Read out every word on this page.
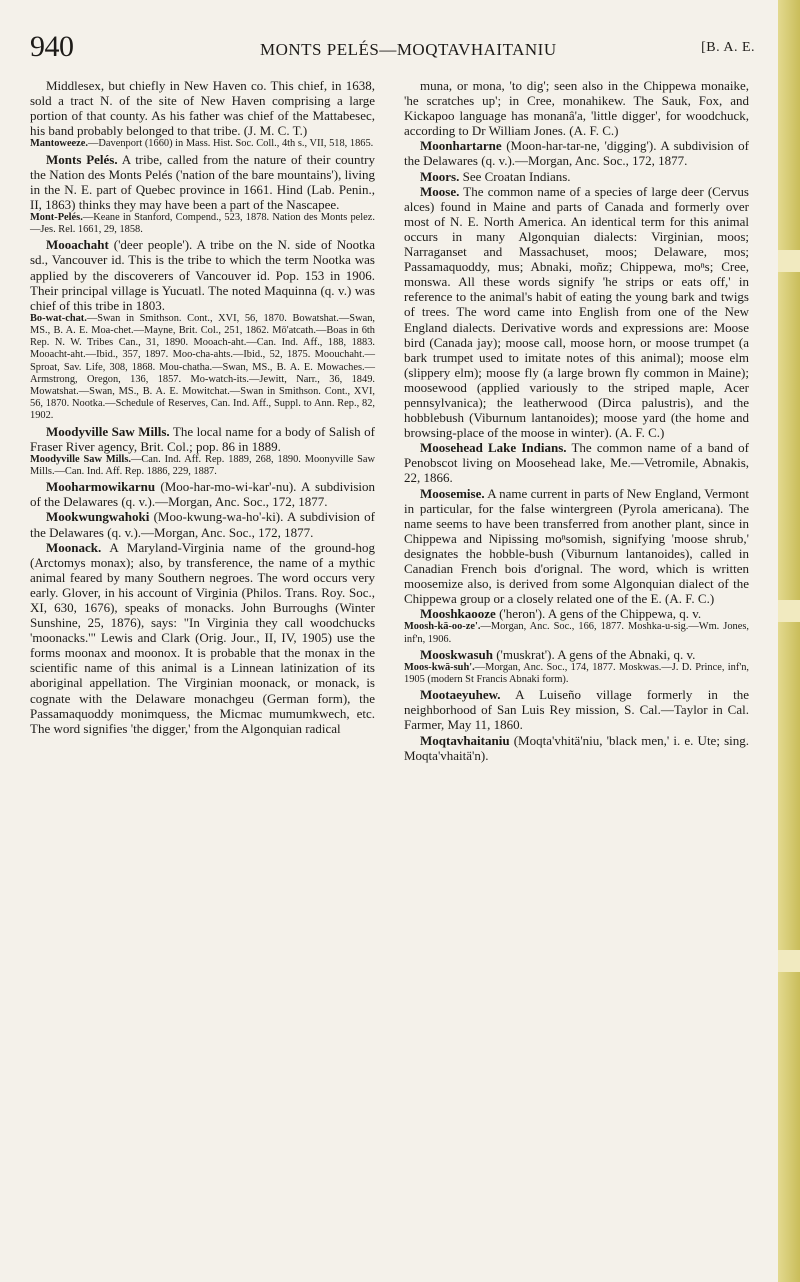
940	MONTS PELÉS—MOQTAVHAITANIU	[B. A. E.

Middlesex, but chiefly in New Haven co. This chief, in 1638, sold a tract N. of the site of New Haven comprising a large portion of that county. As his father was chief of the Mattabesec, his band probably belonged to that tribe. (J. M. C. T.)

Mantoweeze.—Davenport (1660) in Mass. Hist. Soc. Coll., 4th s., VII, 518, 1865.

Monts Pelés. A tribe, called from the nature of their country the Nation des Monts Pelés ('nation of the bare mountains'), living in the N. E. part of Quebec province in 1661. Hind (Lab. Penin., II, 1863) thinks they may have been a part of the Nascapee.

Mont-Pelés.—Keane in Stanford, Compend., 523, 1878. Nation des Monts pelez.—Jes. Rel. 1661, 29, 1858.

Mooachaht ('deer people'). A tribe on the N. side of Nootka sd., Vancouver id. This is the tribe to which the term Nootka was applied by the discoverers of Vancouver id. Pop. 153 in 1906. Their principal village is Yucuatl. The noted Maquinna (q. v.) was chief of this tribe in 1803.

Bo-wat-chat.—Swan in Smithson. Cont., XVI, 56, 1870. Bowatshat.—Swan, MS., B. A. E. Moa-chet.—Mayne, Brit. Col., 251, 1862. Mō'atcath.—Boas in 6th Rep. N. W. Tribes Can., 31, 1890. Mooach-aht.—Can. Ind. Aff., 188, 1883. Mooacht-aht.—Ibid., 357, 1897. Moo-cha-ahts.—Ibid., 52, 1875. Moouchaht.—Sproat, Sav. Life, 308, 1868. Mou-chatha.—Swan, MS., B. A. E. Mowaches.—Armstrong, Oregon, 136, 1857. Mo-watch-its.—Jewitt, Narr., 36, 1849. Mowatshat.—Swan, MS., B. A. E. Mowitchat.—Swan in Smithson. Cont., XVI, 56, 1870. Nootka.—Schedule of Reserves, Can. Ind. Aff., Suppl. to Ann. Rep., 82, 1902.

Moodyville Saw Mills. The local name for a body of Salish of Fraser River agency, Brit. Col.; pop. 86 in 1889.

Moodyville Saw Mills.—Can. Ind. Aff. Rep. 1889, 268, 1890. Moonyville Saw Mills.—Can. Ind. Aff. Rep. 1886, 229, 1887.

Mooharmowikarnu (Moo-har-mo-wi-kar'-nu). A subdivision of the Delawares (q. v.).—Morgan, Anc. Soc., 172, 1877.

Mookwungwahoki (Moo-kwung-wa-ho'-ki). A subdivision of the Delawares (q. v.).—Morgan, Anc. Soc., 172, 1877.

Moonack. A Maryland-Virginia name of the ground-hog (Arctomys monax); also, by transference, the name of a mythic animal feared by many Southern negroes. The word occurs very early. Glover, in his account of Virginia (Philos. Trans. Roy. Soc., XI, 630, 1676), speaks of monacks. John Burroughs (Winter Sunshine, 25, 1876), says: "In Virginia they call woodchucks 'moonacks.'" Lewis and Clark (Orig. Jour., II, IV, 1905) use the forms moonax and moonox. It is probable that the monax in the scientific name of this animal is a Linnean latinization of its aboriginal appellation. The Virginian moonack, or monack, is cognate with the Delaware monachgeu (German form), the Passamaquoddy monimquess, the Micmac mumumkwech, etc. The word signifies 'the digger,' from the Algonquian radical

muna, or mona, 'to dig'; seen also in the Chippewa monaike, 'he scratches up'; in Cree, monahikew. The Sauk, Fox, and Kickapoo language has monanâ'a, 'little digger', for woodchuck, according to Dr William Jones. (A. F. C.)

Moonhartarne (Moon-har-tar-ne, 'digging'). A subdivision of the Delawares (q. v.).—Morgan, Anc. Soc., 172, 1877.

Moors. See Croatan Indians.

Moose. The common name of a species of large deer (Cervus alces) found in Maine and parts of Canada and formerly over most of N. E. North America. An identical term for this animal occurs in many Algonquian dialects: Virginian, moos; Narraganset and Massachuset, moos; Delaware, mos; Passamaquoddy, mus; Abnaki, moñz; Chippewa, moⁿs; Cree, monswa. All these words signify 'he strips or eats off,' in reference to the animal's habit of eating the young bark and twigs of trees. The word came into English from one of the New England dialects. Derivative words and expressions are: Moose bird (Canada jay); moose call, moose horn, or moose trumpet (a bark trumpet used to imitate notes of this animal); moose elm (slippery elm); moose fly (a large brown fly common in Maine); moosewood (applied variously to the striped maple, Acer pennsylvanica); the leatherwood (Dirca palustris), and the hobblebush (Viburnum lantanoides); moose yard (the home and browsing-place of the moose in winter). (A. F. C.)

Moosehead Lake Indians. The common name of a band of Penobscot living on Moosehead lake, Me.—Vetromile, Abnakis, 22, 1866.

Moosemise. A name current in parts of New England, Vermont in particular, for the false wintergreen (Pyrola americana). The name seems to have been transferred from another plant, since in Chippewa and Nipissing moⁿsomish, signifying 'moose shrub,' designates the hobble-bush (Viburnum lantanoides), called in Canadian French bois d'orignal. The word, which is written moosemize also, is derived from some Algonquian dialect of the Chippewa group or a closely related one of the E. (A. F. C.)

Mooshkaooze ('heron'). A gens of the Chippewa, q. v.

Moosh-kā-oo-ze'.—Morgan, Anc. Soc., 166, 1877. Moshka-u-sig.—Wm. Jones, inf'n, 1906.

Mooskwasuh ('muskrat'). A gens of the Abnaki, q. v.

Moos-kwā-suh'.—Morgan, Anc. Soc., 174, 1877. Moskwas.—J. D. Prince, inf'n, 1905 (modern St Francis Abnaki form).

Mootaeyuhew. A Luiseño village formerly in the neighborhood of San Luis Rey mission, S. Cal.—Taylor in Cal. Farmer, May 11, 1860.

Moqtavhaitaniu (Moqta'vhitä'niu, 'black men,' i. e. Ute; sing. Moqta'vhaitä'n).
